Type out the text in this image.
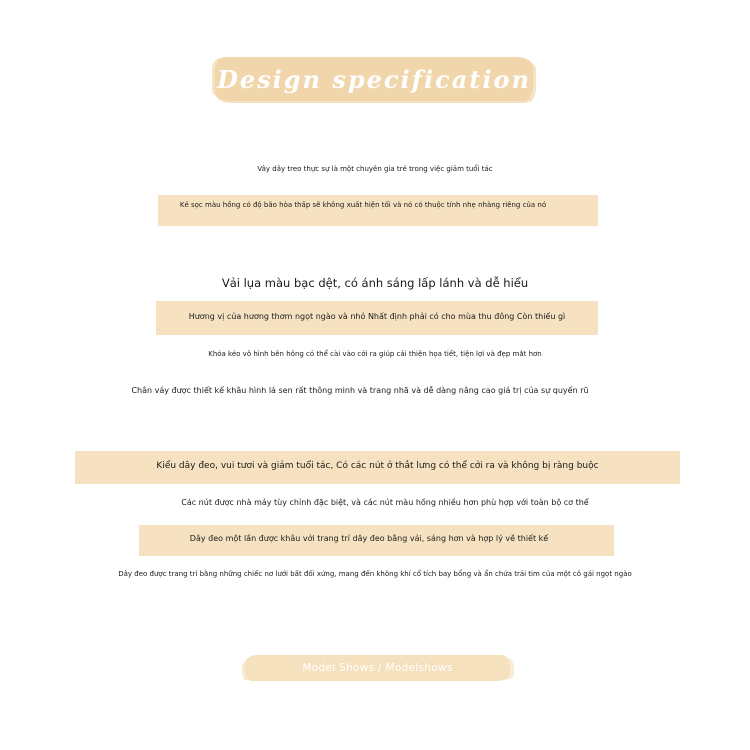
Design specification
Vây dây treo thực sự là một chuyên gia trẻ trong việc giảm tuổi tác
Kẻ sọc màu hồng có độ bão hòa thấp sẽ không xuất hiện tối và nó có thuộc tính nhẹ nhàng riêng của nó
Vải lụa màu bạc dệt, có ánh sáng lấp lánh và dễ hiểu
Hương vị của hương thơm ngọt ngào và nhỏ Nhất định phải có cho mùa thu đông Còn thiếu gì
Khóa kéo vô hình bên hông có thể cài vào cởi ra giúp cải thiện họa tiết, tiện lợi và đẹp mắt hơn
Chân váy được thiết kế khâu hình lá sen rất thông minh và trang nhã và dễ dàng nâng cao giá trị của sự quyến rũ
Kiểu dây đeo, vui tươi và giảm tuổi tác, Có các nút ở thắt lưng có thể cởi ra và không bị ràng buộc
Các nút được nhà máy tùy chỉnh đặc biệt, và các nút màu hồng nhiều hơn phù hợp với toàn bộ cơ thể
Dây đeo một lần được khâu với trang trí dây đeo bằng vải, sáng hơn và hợp lý về thiết kế
Dây đeo được trang trí bằng những chiếc nơ lưới bất đối xứng, mang đến không khí cổ tích bay bổng và ẩn chứa trái tim của một cô gái ngọt ngào
Model Shows / Modelshows
